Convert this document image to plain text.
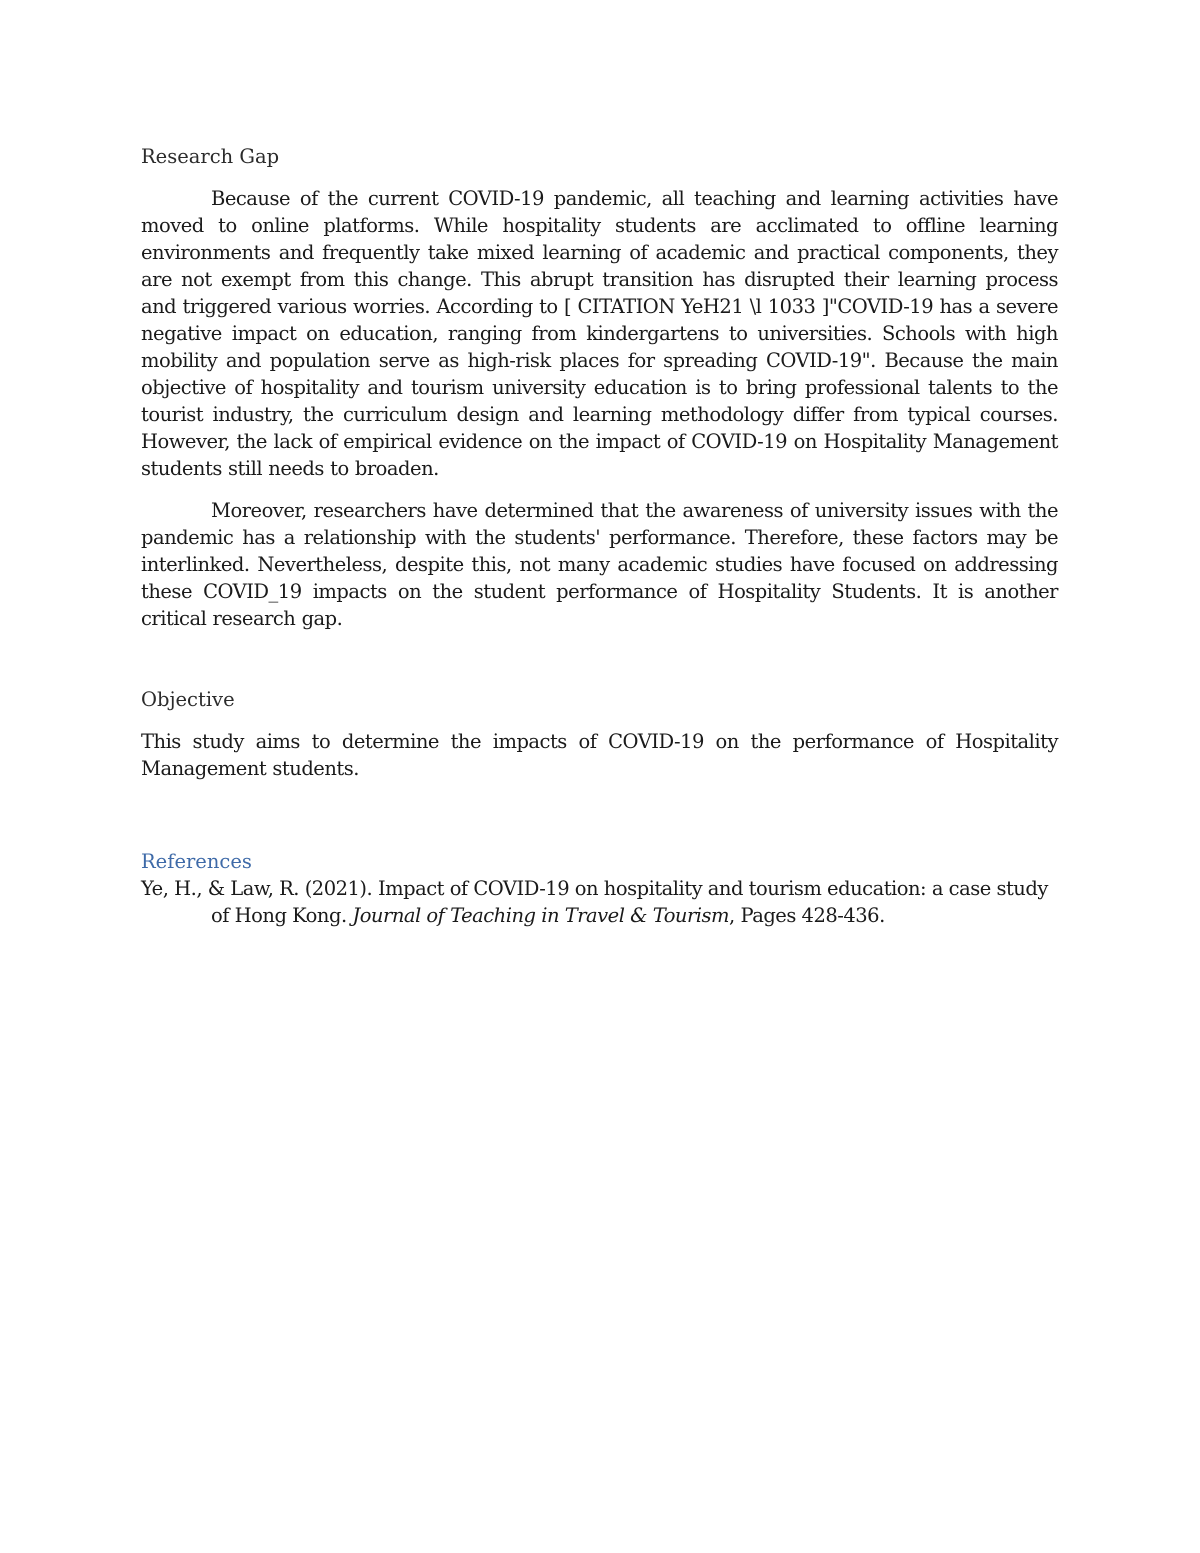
Research Gap

Because of the current COVID-19 pandemic, all teaching and learning activities have moved to online platforms. While hospitality students are acclimated to offline learning environments and frequently take mixed learning of academic and practical components, they are not exempt from this change. This abrupt transition has disrupted their learning process and triggered various worries. According to [ CITATION YeH21 \l 1033 ]"COVID-19 has a severe negative impact on education, ranging from kindergartens to universities. Schools with high mobility and population serve as high-risk places for spreading COVID-19". Because the main objective of hospitality and tourism university education is to bring professional talents to the tourist industry, the curriculum design and learning methodology differ from typical courses. However, the lack of empirical evidence on the impact of COVID-19 on Hospitality Management students still needs to broaden.

Moreover, researchers have determined that the awareness of university issues with the pandemic has a relationship with the students' performance. Therefore, these factors may be interlinked. Nevertheless, despite this, not many academic studies have focused on addressing these COVID_19 impacts on the student performance of Hospitality Students. It is another critical research gap.

Objective

This study aims to determine the impacts of COVID-19 on the performance of Hospitality Management students.

References

Ye, H., & Law, R. (2021). Impact of COVID-19 on hospitality and tourism education: a case study of Hong Kong. Journal of Teaching in Travel & Tourism, Pages 428-436.
